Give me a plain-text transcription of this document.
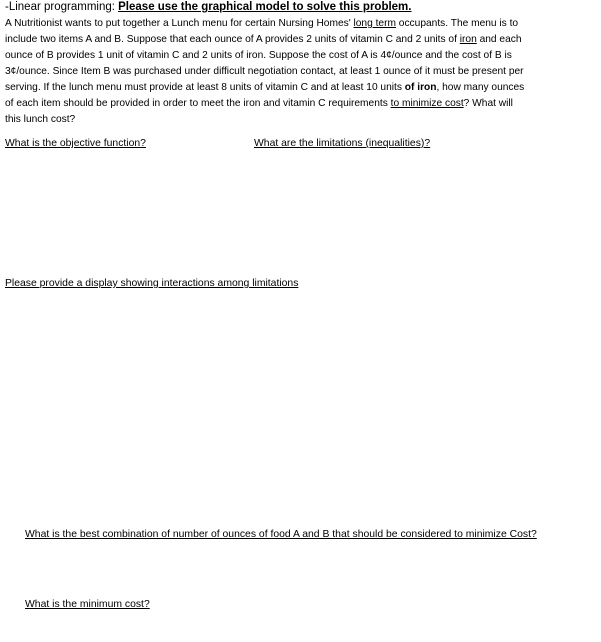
-Linear programming: Please use the graphical model to solve this problem.
A Nutritionist wants to put together a Lunch menu for certain Nursing Homes' long term occupants. The menu is to
include two items A and B. Suppose that each ounce of A provides 2 units of vitamin C and 2 units of iron and each
ounce of B provides 1 unit of vitamin C and 2 units of iron. Suppose the cost of A is 4¢/ounce and the cost of B is
3¢/ounce. Since Item B was purchased under difficult negotiation contact, at least 1 ounce of it must be present per
serving. If the lunch menu must provide at least 8 units of vitamin C and at least 10 units of iron, how many ounces
of each item should be provided in order to meet the iron and vitamin C requirements to minimize cost? What will
this lunch cost?
What is the objective function?	What are the limitations (inequalities)?
Please provide a display showing interactions among limitations
What is the best combination of number of ounces of food A and B that should be considered to minimize Cost?
What is the minimum cost?
